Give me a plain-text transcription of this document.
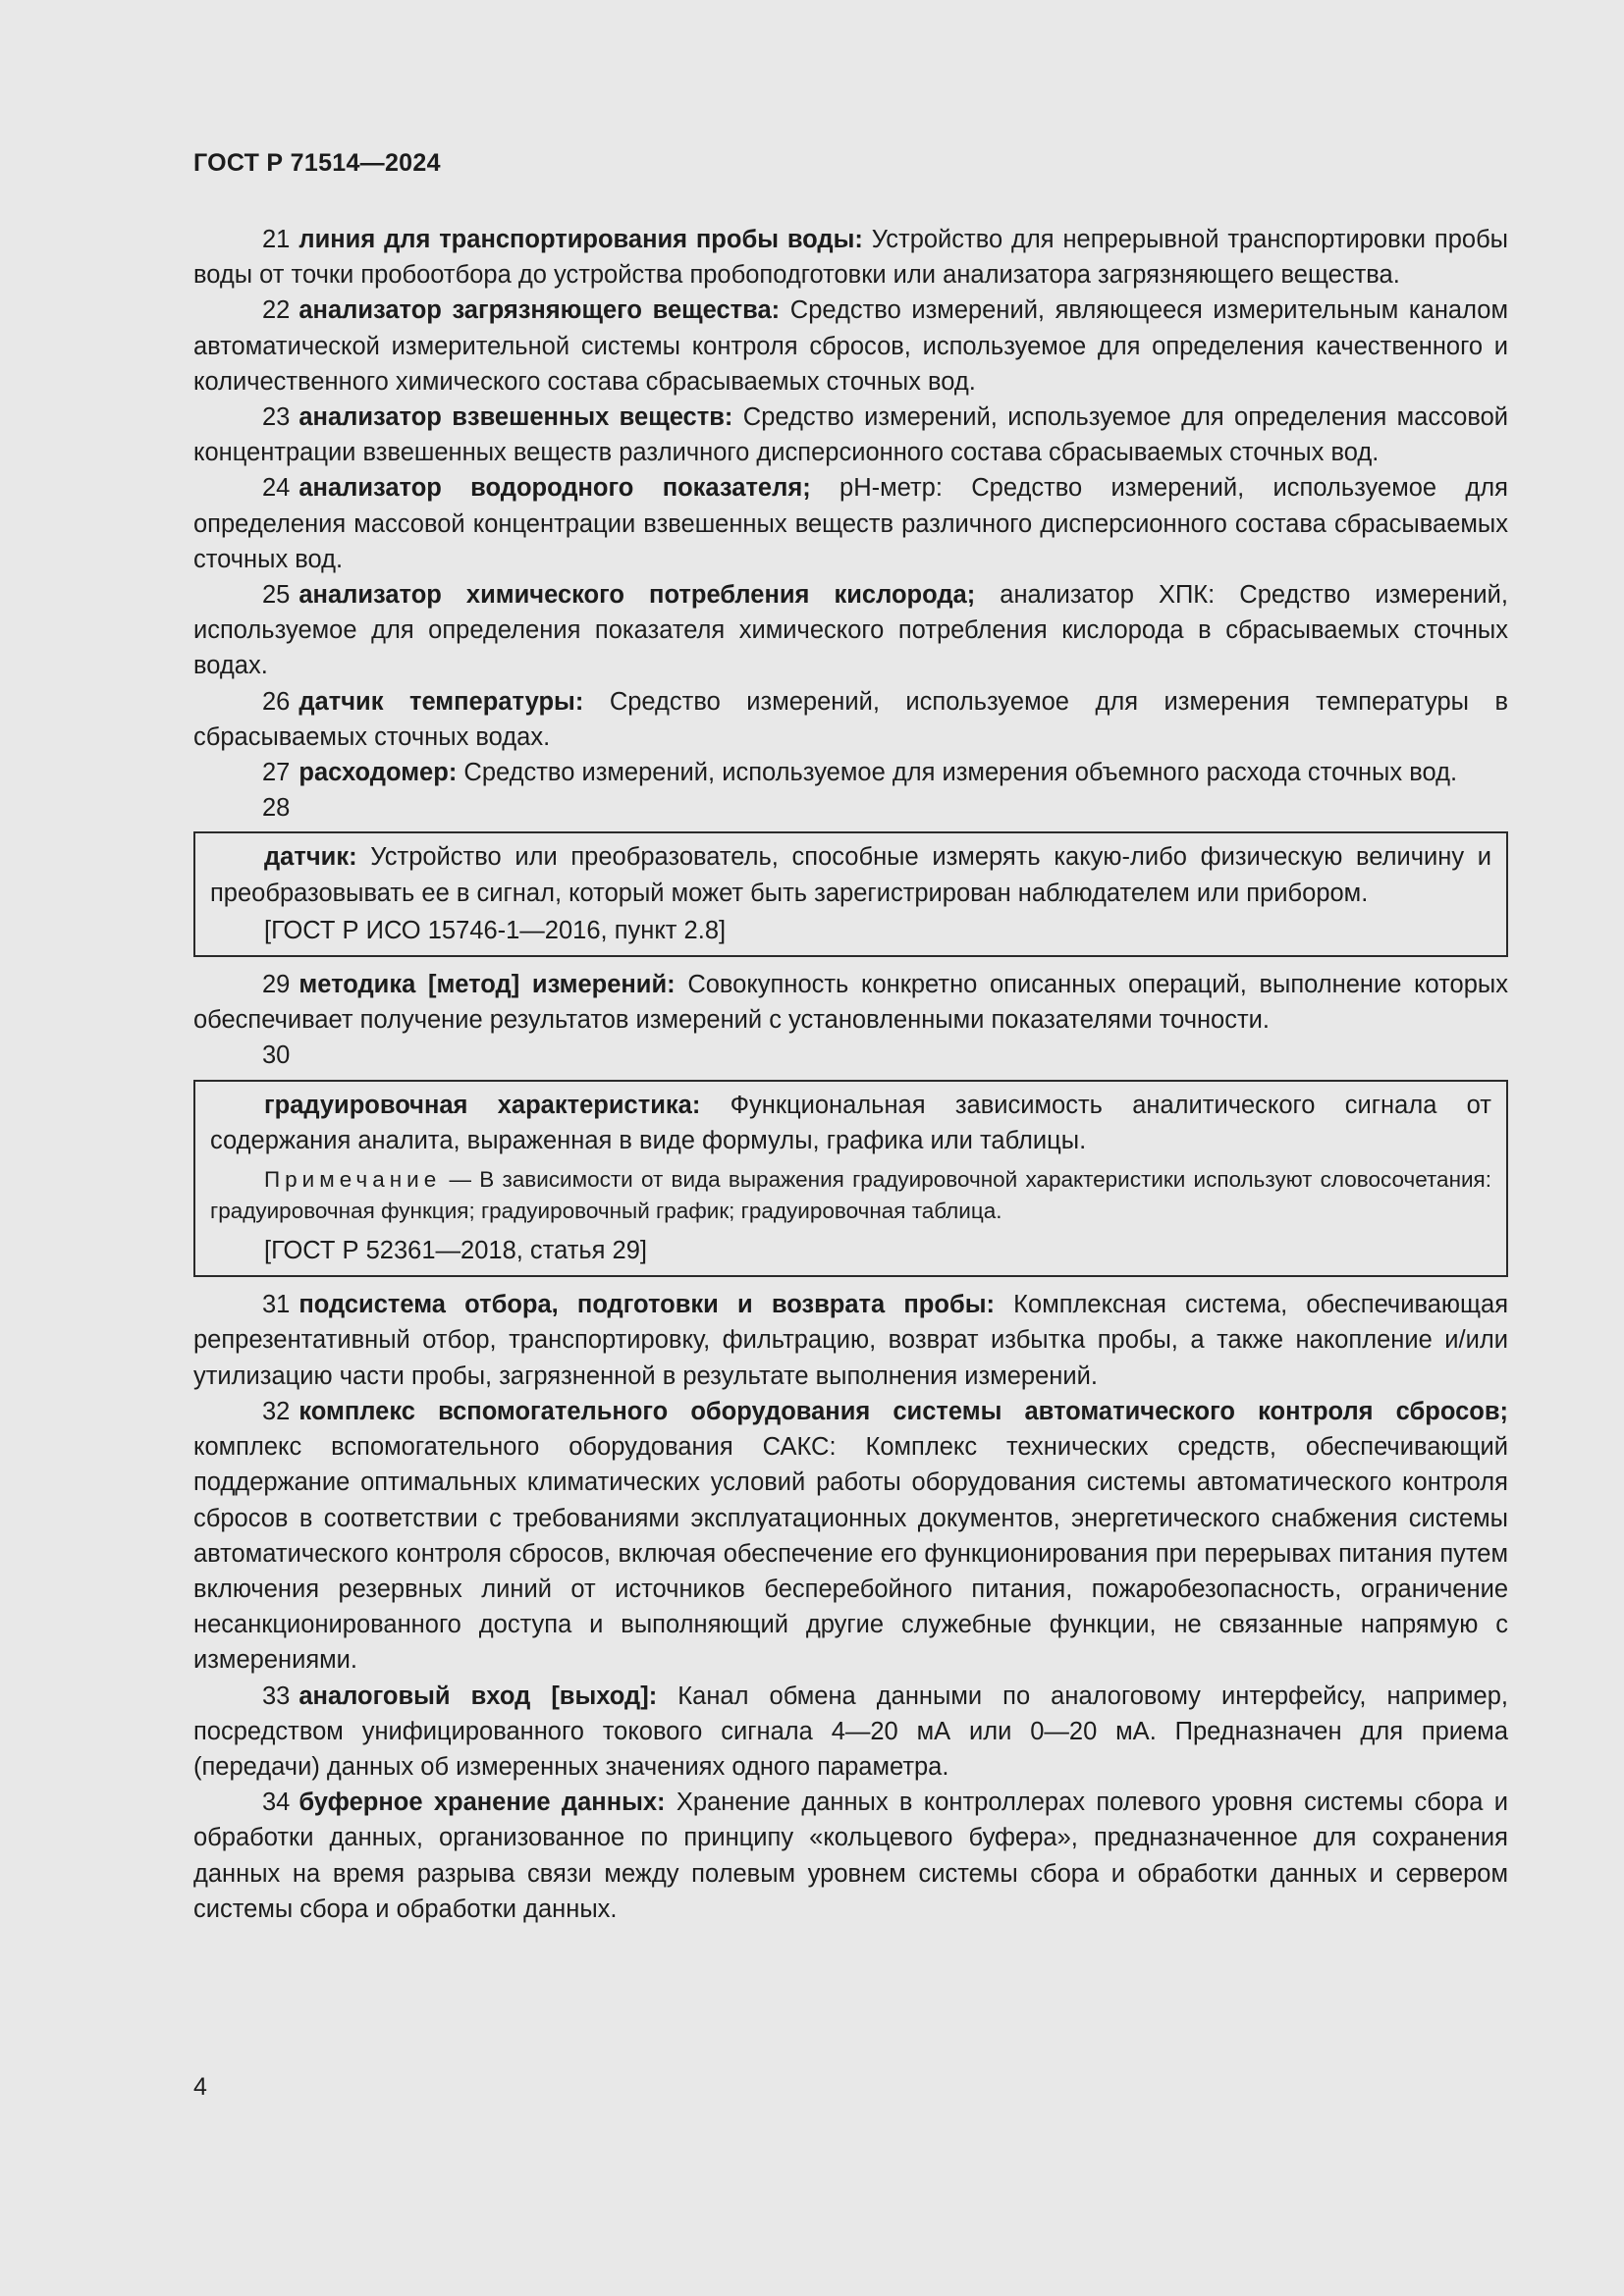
ГОСТ Р 71514—2024

21 линия для транспортирования пробы воды: Устройство для непрерывной транспортировки пробы воды от точки пробоотбора до устройства пробоподготовки или анализатора загрязняющего вещества.

22 анализатор загрязняющего вещества: Средство измерений, являющееся измерительным каналом автоматической измерительной системы контроля сбросов, используемое для определения качественного и количественного химического состава сбрасываемых сточных вод.

23 анализатор взвешенных веществ: Средство измерений, используемое для определения массовой концентрации взвешенных веществ различного дисперсионного состава сбрасываемых сточных вод.

24 анализатор водородного показателя; pH-метр: Средство измерений, используемое для определения массовой концентрации взвешенных веществ различного дисперсионного состава сбрасываемых сточных вод.

25 анализатор химического потребления кислорода; анализатор ХПК: Средство измерений, используемое для определения показателя химического потребления кислорода в сбрасываемых сточных водах.

26 датчик температуры: Средство измерений, используемое для измерения температуры в сбрасываемых сточных водах.

27 расходомер: Средство измерений, используемое для измерения объемного расхода сточных вод.

28

датчик: Устройство или преобразователь, способные измерять какую-либо физическую величину и преобразовывать ее в сигнал, который может быть зарегистрирован наблюдателем или прибором.

[ГОСТ Р ИСО 15746-1—2016, пункт 2.8]

29 методика [метод] измерений: Совокупность конкретно описанных операций, выполнение которых обеспечивает получение результатов измерений с установленными показателями точности.

30

градуировочная характеристика: Функциональная зависимость аналитического сигнала от содержания аналита, выраженная в виде формулы, графика или таблицы.

Примечание — В зависимости от вида выражения градуировочной характеристики используют словосочетания: градуировочная функция; градуировочный график; градуировочная таблица.

[ГОСТ Р 52361—2018, статья 29]

31 подсистема отбора, подготовки и возврата пробы: Комплексная система, обеспечивающая репрезентативный отбор, транспортировку, фильтрацию, возврат избытка пробы, а также накопление и/или утилизацию части пробы, загрязненной в результате выполнения измерений.

32 комплекс вспомогательного оборудования системы автоматического контроля сбросов; комплекс вспомогательного оборудования САКС: Комплекс технических средств, обеспечивающий поддержание оптимальных климатических условий работы оборудования системы автоматического контроля сбросов в соответствии с требованиями эксплуатационных документов, энергетического снабжения системы автоматического контроля сбросов, включая обеспечение его функционирования при перерывах питания путем включения резервных линий от источников бесперебойного питания, пожаробезопасность, ограничение несанкционированного доступа и выполняющий другие служебные функции, не связанные напрямую с измерениями.

33 аналоговый вход [выход]: Канал обмена данными по аналоговому интерфейсу, например, посредством унифицированного токового сигнала 4—20 мА или 0—20 мА. Предназначен для приема (передачи) данных об измеренных значениях одного параметра.

34 буферное хранение данных: Хранение данных в контроллерах полевого уровня системы сбора и обработки данных, организованное по принципу «кольцевого буфера», предназначенное для сохранения данных на время разрыва связи между полевым уровнем системы сбора и обработки данных и сервером системы сбора и обработки данных.

4
